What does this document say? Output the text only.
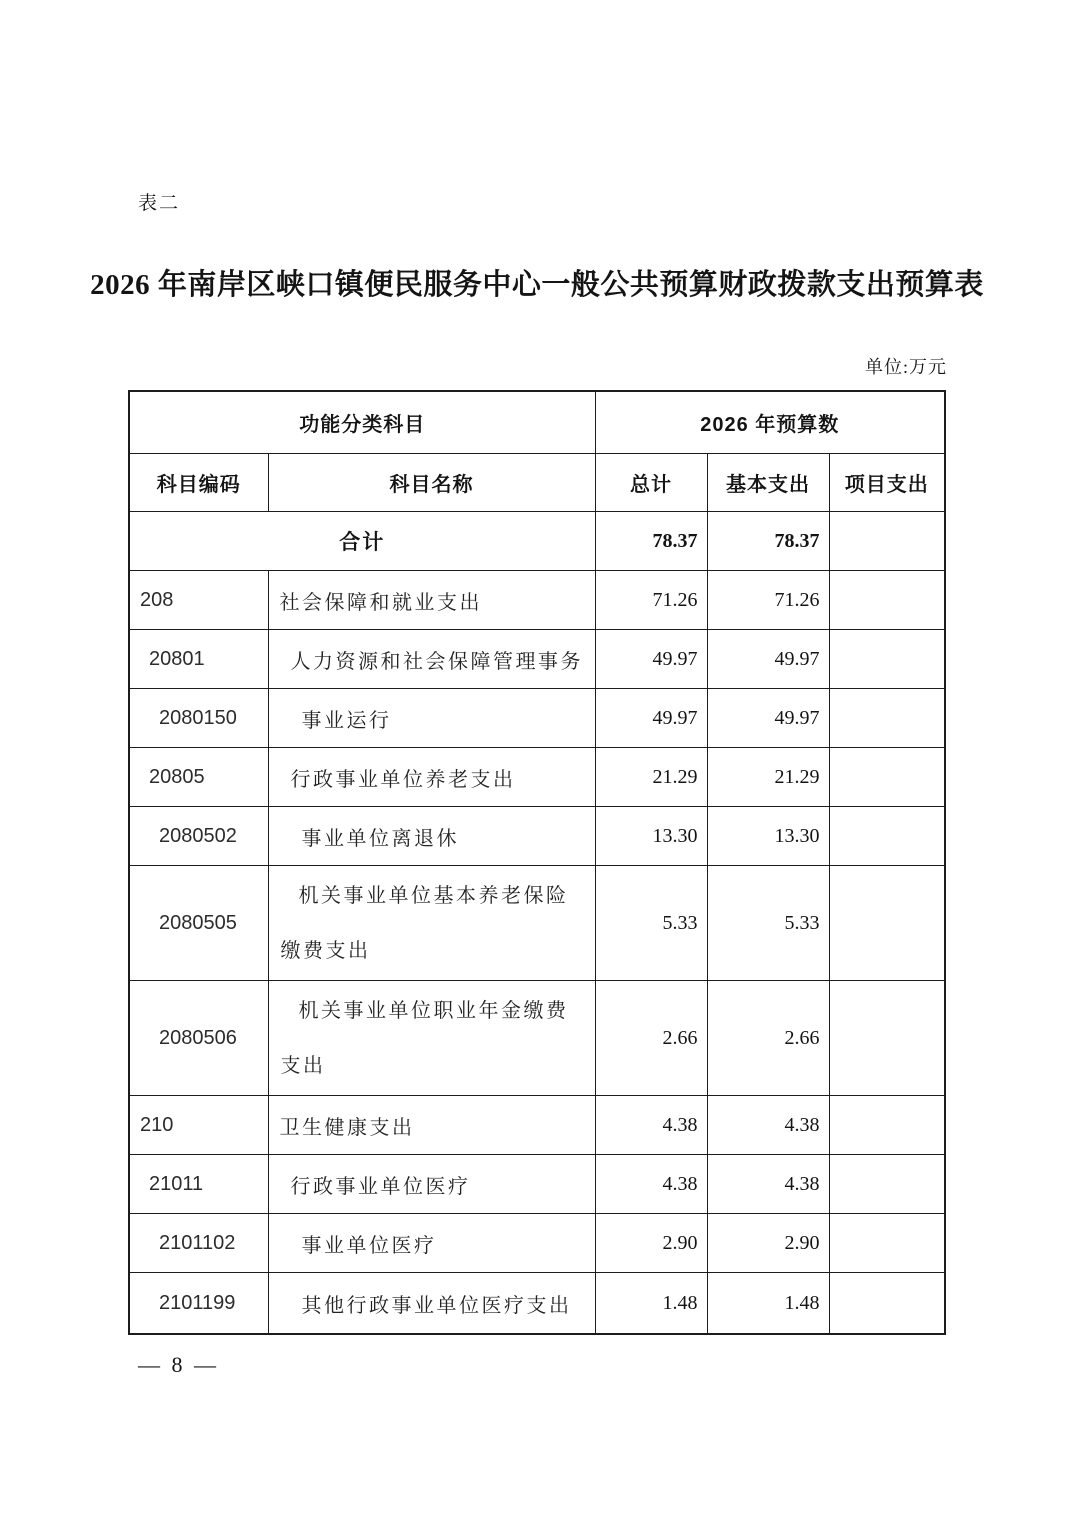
表二
2026 年南岸区峡口镇便民服务中心一般公共预算财政拨款支出预算表
单位:万元
功能分类科目		2026 年预算数		
科目编码	科目名称	总计	基本支出	项目支出
合计		78.37	78.37	
208	社会保障和就业支出	71.26	71.26	
20801	人力资源和社会保障管理事务	49.97	49.97	
2080150	事业运行	49.97	49.97	
20805	行政事业单位养老支出	21.29	21.29	
2080502	事业单位离退休	13.30	13.30	
2080505	机关事业单位基本养老保险
缴费支出	5.33	5.33	
2080506	机关事业单位职业年金缴费
支出	2.66	2.66	
210	卫生健康支出	4.38	4.38	
21011	行政事业单位医疗	4.38	4.38	
2101102	事业单位医疗	2.90	2.90	
2101199	其他行政事业单位医疗支出	1.48	1.48	
— 8 —
